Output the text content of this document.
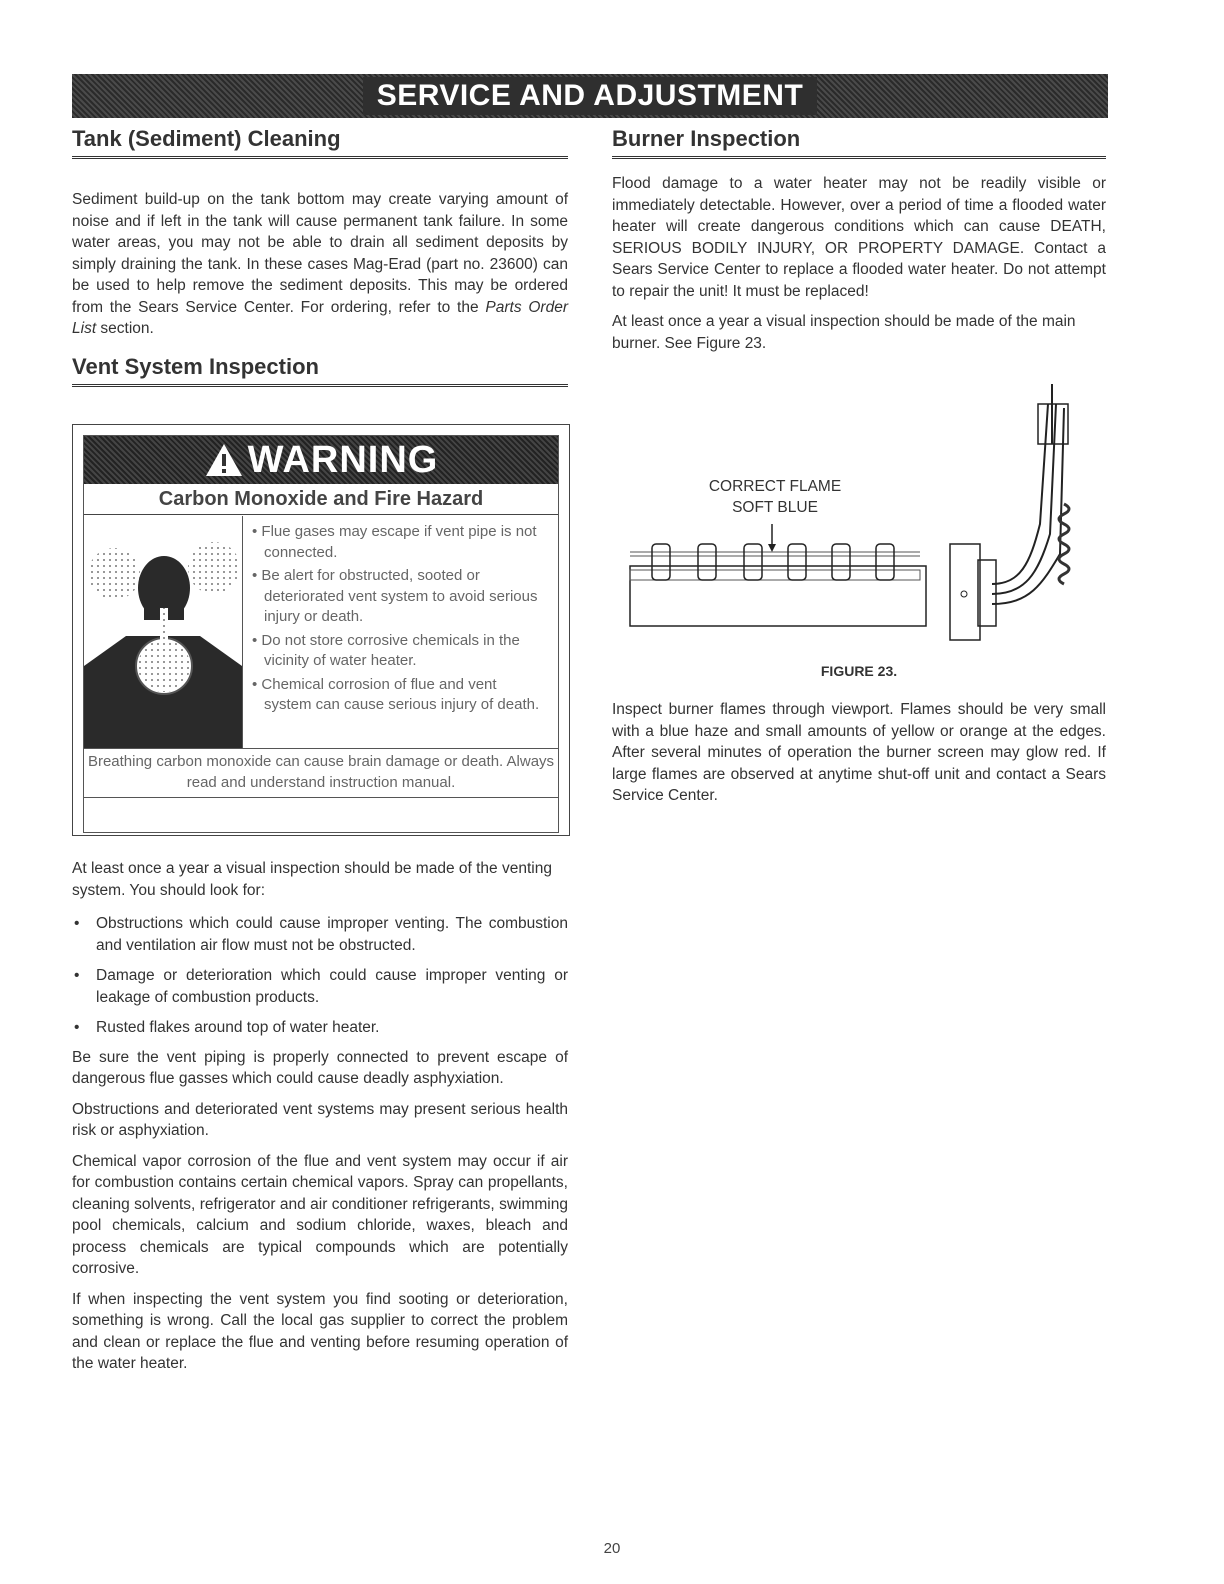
SERVICE AND ADJUSTMENT
Tank (Sediment) Cleaning

Sediment build-up on the tank bottom may create varying amount of noise and if left in the tank will cause permanent tank failure. In some water areas, you may not be able to drain all sediment deposits by simply draining the tank. In these cases Mag-Erad (part no. 23600) can be used to help remove the sediment deposits. This may be ordered from the Sears Service Center. For ordering, refer to the Parts Order List section.

Vent System Inspection
WARNING
Carbon Monoxide and Fire Hazard
• Flue gases may escape if vent pipe is not connected.
• Be alert for obstructed, sooted or deteriorated vent system to avoid serious injury or death.
• Do not store corrosive chemicals in the vicinity of water heater.
• Chemical corrosion of flue and vent system can cause serious injury of death.
Breathing carbon monoxide can cause brain damage or death. Always read and understand instruction manual.

At least once a year a visual inspection should be made of the venting system. You should look for:

• Obstructions which could cause improper venting. The combustion and ventilation air flow must not be obstructed.
• Damage or deterioration which could cause improper venting or leakage of combustion products.
• Rusted flakes around top of water heater.

Be sure the vent piping is properly connected to prevent escape of dangerous flue gasses which could cause deadly asphyxiation.

Obstructions and deteriorated vent systems may present serious health risk or asphyxiation.

Chemical vapor corrosion of the flue and vent system may occur if air for combustion contains certain chemical vapors. Spray can propellants, cleaning solvents, refrigerator and air conditioner refrigerants, swimming pool chemicals, calcium and sodium chloride, waxes, bleach and process chemicals are typical compounds which are potentially corrosive.

If when inspecting the vent system you find sooting or deterioration, something is wrong. Call the local gas supplier to correct the problem and clean or replace the flue and venting before resuming operation of the water heater.

Burner Inspection

Flood damage to a water heater may not be readily visible or immediately detectable. However, over a period of time a flooded water heater will create dangerous conditions which can cause DEATH, SERIOUS BODILY INJURY, OR PROPERTY DAMAGE. Contact a Sears Service Center to replace a flooded water heater. Do not attempt to repair the unit! It must be replaced!

At least once a year a visual inspection should be made of the main burner. See Figure 23.

CORRECT FLAME
SOFT BLUE
FIGURE 23.

Inspect burner flames through viewport. Flames should be very small with a blue haze and small amounts of yellow or orange at the edges. After several minutes of operation the burner screen may glow red. If large flames are observed at anytime shut-off unit and contact a Sears Service Center.

20
